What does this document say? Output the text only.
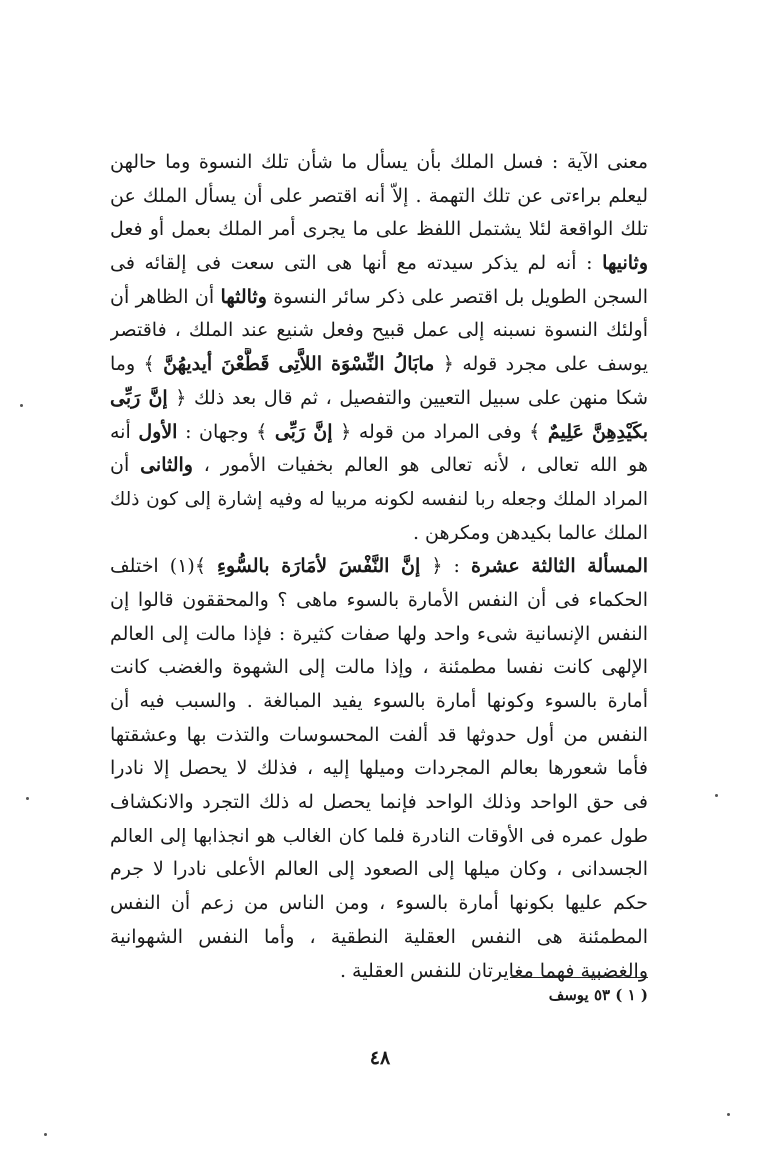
معنى الآية : فسل الملك بأن يسأل ما شأن تلك النسوة وما حالهن
ليعلم براءتى عن تلك التهمة . إلاّ أنه اقتصر على أن يسأل الملك عن
تلك الواقعة لئلا يشتمل اللفظ على ما يجرى أمر الملك بعمل أو فعل
وثانيها : أنه لم يذكر سيدته مع أنها هى التى سعت فى إلقائه فى
السجن الطويل بل اقتصر على ذكر سائر النسوة وثالثها أن الظاهر أن
أولئك النسوة نسبنه إلى عمل قبيح وفعل شنيع عند الملك ، فاقتصر
يوسف على مجرد قوله ﴿ مابَالُ النِّسْوَة اللاَّتِى قَطَّعْنَ أيديهُنَّ ﴾ وما
شكا منهن على سبيل التعيين والتفصيل ، ثم قال بعد ذلك ﴿ إنَّ رَبِّى
بكَيْدِهِنَّ عَلِيمٌ ﴾ وفى المراد من قوله ﴿ إنَّ رَبِّى ﴾ وجهان : الأول أنه
هو الله تعالى ، لأنه تعالى هو العالم بخفيات الأمور ، والثانى أن
المراد الملك وجعله ربا لنفسه لكونه مربيا له وفيه إشارة إلى كون ذلك
الملك عالما بكيدهن ومكرهن .
المسألة الثالثة عشرة : ﴿ إنَّ النَّفْسَ لأمَارَة بالسُّوءِ ﴾(١) اختلف
الحكماء فى أن النفس الأمارة بالسوء ماهى ؟ والمحققون قالوا إن
النفس الإنسانية شىء واحد ولها صفات كثيرة : فإذا مالت إلى العالم
الإلهى كانت نفسا مطمئنة ، وإذا مالت إلى الشهوة والغضب كانت
أمارة بالسوء وكونها أمارة بالسوء يفيد المبالغة . والسبب فيه أن
النفس من أول حدوثها قد ألفت المحسوسات والتذت بها وعشقتها
فأما شعورها بعالم المجردات وميلها إليه ، فذلك لا يحصل إلا نادرا
فى حق الواحد وذلك الواحد فإنما يحصل له ذلك التجرد والانكشاف
طول عمره فى الأوقات النادرة فلما كان الغالب هو انجذابها إلى العالم
الجسدانى ، وكان ميلها إلى الصعود إلى العالم الأعلى نادرا لا جرم
حكم عليها بكونها أمارة بالسوء ، ومن الناس من زعم أن النفس
المطمئنة هى النفس العقلية النطقية ، وأما النفس الشهوانية
والغضبية فهما مغايرتان للنفس العقلية .
( ١ ) ٥٣ يوسف
٤٨
